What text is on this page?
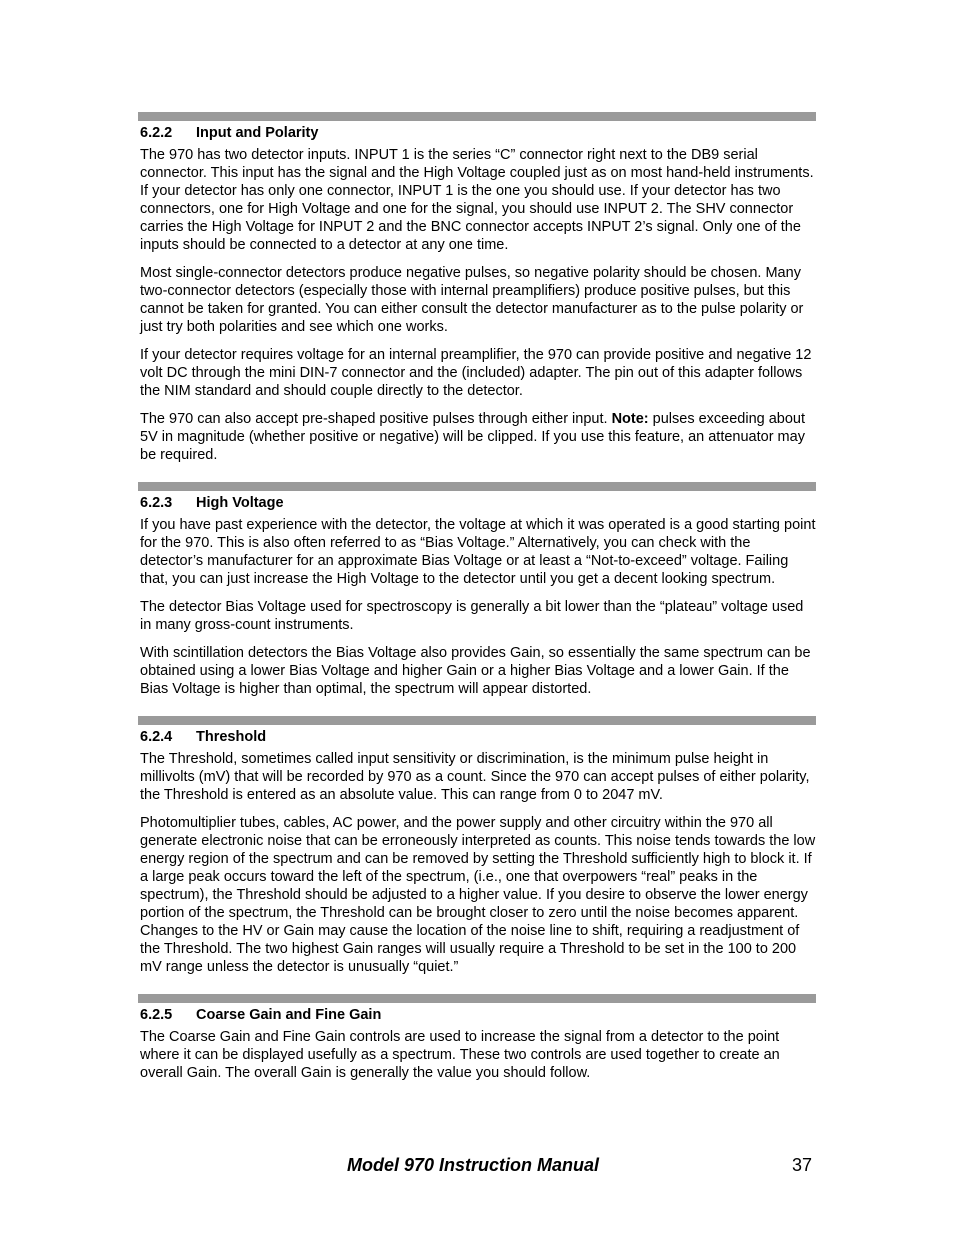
6.2.2 Input and Polarity

The 970 has two detector inputs. INPUT 1 is the series “C” connector right next to the DB9 serial connector. This input has the signal and the High Voltage coupled just as on most hand-held instruments. If your detector has only one connector, INPUT 1 is the one you should use. If your detector has two connectors, one for High Voltage and one for the signal, you should use INPUT 2. The SHV connector carries the High Voltage for INPUT 2 and the BNC connector accepts INPUT 2’s signal. Only one of the inputs should be connected to a detector at any one time.

Most single-connector detectors produce negative pulses, so negative polarity should be chosen. Many two-connector detectors (especially those with internal preamplifiers) produce positive pulses, but this cannot be taken for granted. You can either consult the detector manufacturer as to the pulse polarity or just try both polarities and see which one works.

If your detector requires voltage for an internal preamplifier, the 970 can provide positive and negative 12 volt DC through the mini DIN-7 connector and the (included) adapter. The pin out of this adapter follows the NIM standard and should couple directly to the detector.

The 970 can also accept pre-shaped positive pulses through either input. Note: pulses exceeding about 5V in magnitude (whether positive or negative) will be clipped. If you use this feature, an attenuator may be required.

6.2.3 High Voltage

If you have past experience with the detector, the voltage at which it was operated is a good starting point for the 970. This is also often referred to as “Bias Voltage.” Alternatively, you can check with the detector’s manufacturer for an approximate Bias Voltage or at least a “Not-to-exceed” voltage. Failing that, you can just increase the High Voltage to the detector until you get a decent looking spectrum.

The detector Bias Voltage used for spectroscopy is generally a bit lower than the “plateau” voltage used in many gross-count instruments.

With scintillation detectors the Bias Voltage also provides Gain, so essentially the same spectrum can be obtained using a lower Bias Voltage and higher Gain or a higher Bias Voltage and a lower Gain. If the Bias Voltage is higher than optimal, the spectrum will appear distorted.

6.2.4 Threshold

The Threshold, sometimes called input sensitivity or discrimination, is the minimum pulse height in millivolts (mV) that will be recorded by 970 as a count. Since the 970 can accept pulses of either polarity, the Threshold is entered as an absolute value. This can range from 0 to 2047 mV.

Photomultiplier tubes, cables, AC power, and the power supply and other circuitry within the 970 all generate electronic noise that can be erroneously interpreted as counts. This noise tends towards the low energy region of the spectrum and can be removed by setting the Threshold sufficiently high to block it. If a large peak occurs toward the left of the spectrum, (i.e., one that overpowers “real” peaks in the spectrum), the Threshold should be adjusted to a higher value. If you desire to observe the lower energy portion of the spectrum, the Threshold can be brought closer to zero until the noise becomes apparent. Changes to the HV or Gain may cause the location of the noise line to shift, requiring a readjustment of the Threshold. The two highest Gain ranges will usually require a Threshold to be set in the 100 to 200 mV range unless the detector is unusually “quiet.”

6.2.5 Coarse Gain and Fine Gain

The Coarse Gain and Fine Gain controls are used to increase the signal from a detector to the point where it can be displayed usefully as a spectrum. These two controls are used together to create an overall Gain. The overall Gain is generally the value you should follow.

Model 970 Instruction Manual	37
